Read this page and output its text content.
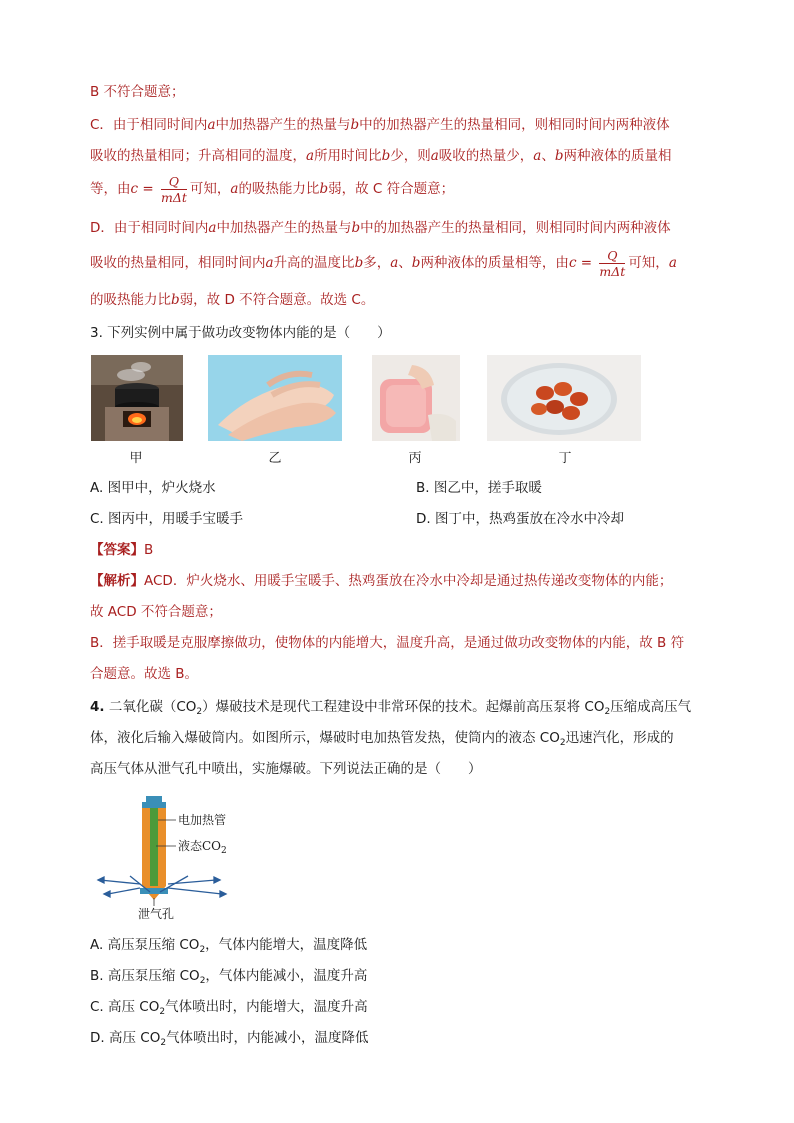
B 不符合题意；
C．由于相同时间内a中加热器产生的热量与b中的加热器产生的热量相同，则相同时间内两种液体
吸收的热量相同；升高相同的温度，a所用时间比b少，则a吸收的热量少，a、b两种液体的质量相
等，由$c = \frac{Q}{\text{mΔt}}$ 可知，a的吸热能力比b弱，故 C 符合题意；
D．由于相同时间内a中加热器产生的热量与b中的加热器产生的热量相同，则相同时间内两种液体
吸收的热量相同，相同时间内a升高的温度比b多，a、b两种液体的质量相等，由$c = \frac{Q}{\text{mΔt}}$ 可知，a
的吸热能力比b弱，故 D 不符合题意。故选 C。
3. 下列实例中属于做功改变物体内能的是（　　）
甲	乙	丙	丁
A. 图甲中，炉火烧水	B. 图乙中，搓手取暖
C. 图丙中，用暖手宝暖手	D. 图丁中，热鸡蛋放在冷水中冷却
【答案】B
【解析】ACD．炉火烧水、用暖手宝暖手、热鸡蛋放在冷水中冷却是通过热传递改变物体的内能；
故 ACD 不符合题意；
B．搓手取暖是克服摩擦做功，使物体的内能增大，温度升高，是通过做功改变物体的内能，故 B 符
合题意。故选 B。
4. 二氧化碳$(CO_2)$爆破技术是现代工程建设中非常环保的技术。起爆前高压泵将 $CO_2$压缩成高压气
体，液化后输入爆破筒内。如图所示，爆破时电加热管发热，使筒内的液态 $CO_2$迅速汽化，形成的
高压气体从泄气孔中喷出，实施爆破。下列说法正确的是（　　）
电加热管
液态$CO_2$
泄气孔
A. 高压泵压缩 $CO_2$，气体内能增大，温度降低
B. 高压泵压缩 $CO_2$，气体内能减小，温度升高
C. 高压 $CO_2$气体喷出时，内能增大，温度升高
D. 高压 $CO_2$气体喷出时，内能减小，温度降低
